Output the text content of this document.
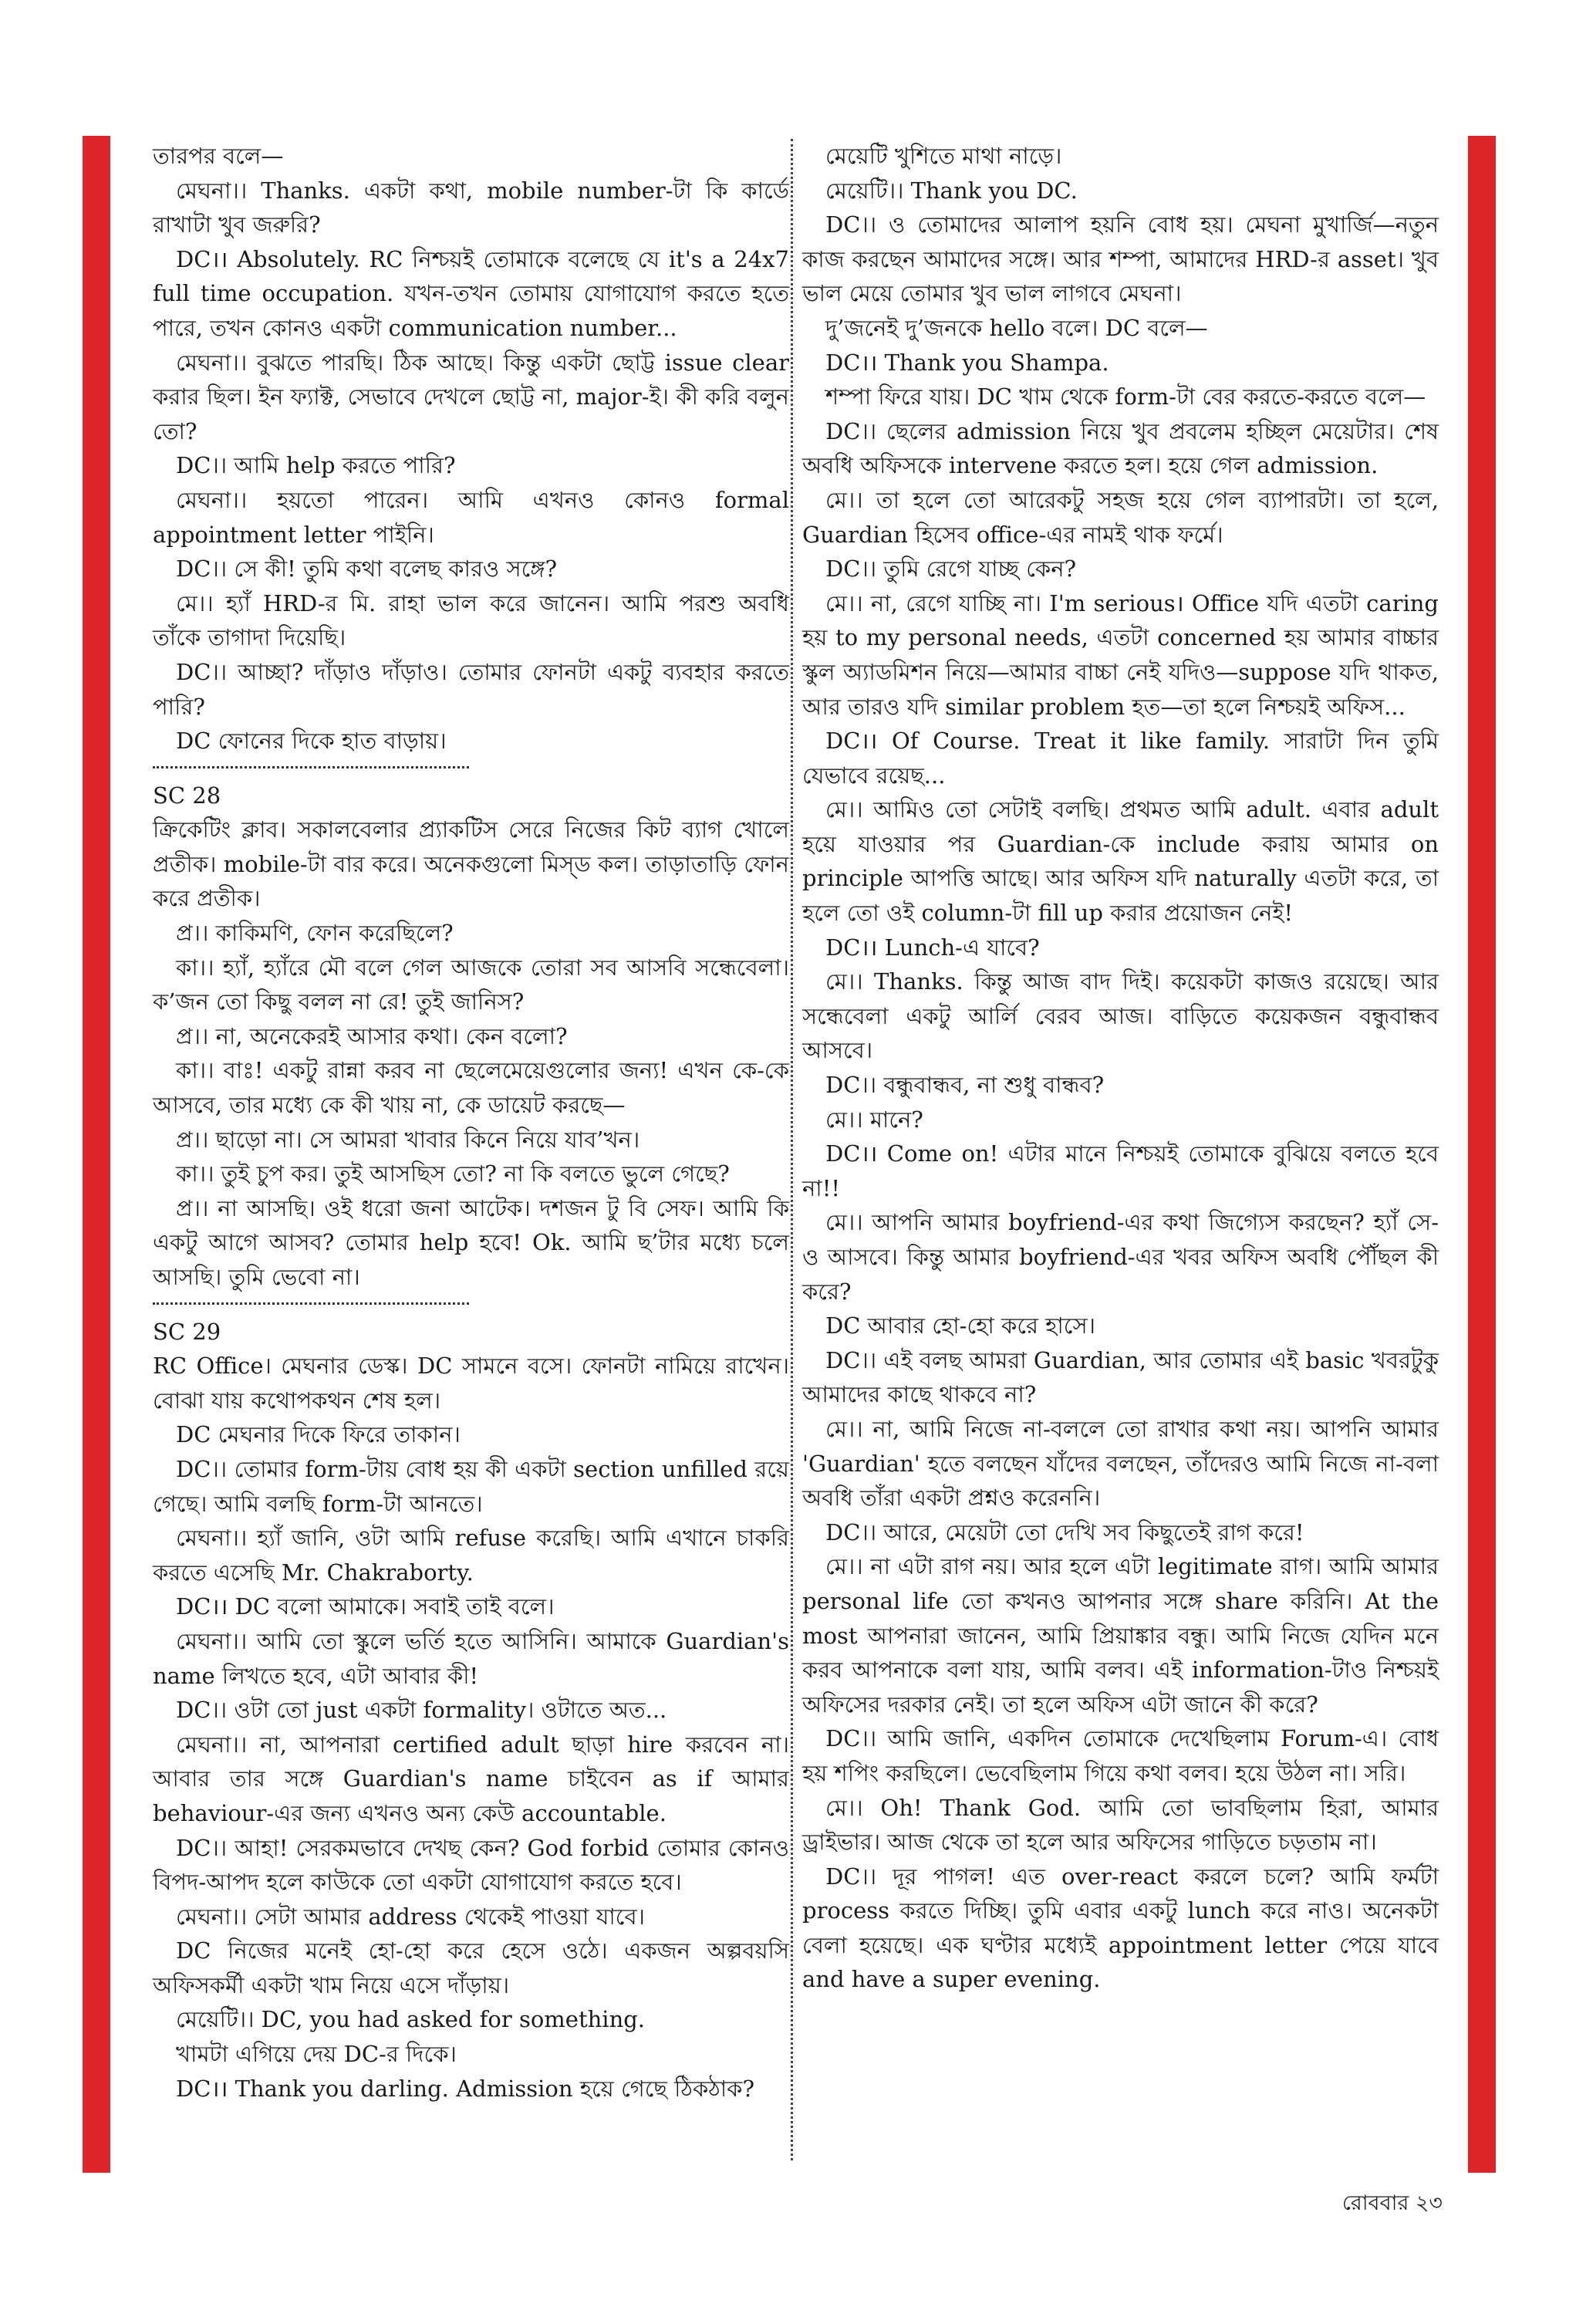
তারপর বলে—

মেঘনা।। Thanks. একটা কথা, mobile number-টা কি কার্ডে রাখাটা খুব জরুরি?

DC।। Absolutely. RC নিশ্চয়ই তোমাকে বলেছে যে it's a 24x7 full time occupation. যখন-তখন তোমায় যোগাযোগ করতে হতে পারে, তখন কোনও একটা communication number...

মেঘনা।। বুঝতে পারছি। ঠিক আছে। কিন্তু একটা ছোট্ট issue clear করার ছিল। ইন ফ্যাক্ট, সেভাবে দেখলে ছোট্ট না, major-ই। কী করি বলুন তো?

DC।। আমি help করতে পারি?

মেঘনা।। হয়তো পারেন। আমি এখনও কোনও formal appointment letter পাইনি।

DC।। সে কী! তুমি কথা বলেছ কারও সঙ্গে?

মে।। হ্যাঁ HRD-র মি. রাহা ভাল করে জানেন। আমি পরশু অবধি তাঁকে তাগাদা দিয়েছি।

DC।। আচ্ছা? দাঁড়াও দাঁড়াও। তোমার ফোনটা একটু ব্যবহার করতে পারি?

DC ফোনের দিকে হাত বাড়ায়।

SC 28

ক্রিকেটিং ক্লাব। সকালবেলার প্র্যাকটিস সেরে নিজের কিট ব্যাগ খোলে প্রতীক। mobile-টা বার করে। অনেকগুলো মিস্‌ড কল। তাড়াতাড়ি ফোন করে প্রতীক।

প্র।। কাকিমণি, ফোন করেছিলে?

কা।। হ্যাঁ, হ্যাঁরে মৌ বলে গেল আজকে তোরা সব আসবি সন্ধেবেলা। ক’জন তো কিছু বলল না রে! তুই জানিস?

প্র।। না, অনেকেরই আসার কথা। কেন বলো?

কা।। বাঃ! একটু রান্না করব না ছেলেমেয়েগুলোর জন্য! এখন কে-কে আসবে, তার মধ্যে কে কী খায় না, কে ডায়েট করছে—

প্র।। ছাড়ো না। সে আমরা খাবার কিনে নিয়ে যাব’খন।

কা।। তুই চুপ কর। তুই আসছিস তো? না কি বলতে ভুলে গেছে?

প্র।। না আসছি। ওই ধরো জনা আটেক। দশজন টু বি সেফ। আমি কি একটু আগে আসব? তোমার help হবে! Ok. আমি ছ’টার মধ্যে চলে আসছি। তুমি ভেবো না।

SC 29

RC Office। মেঘনার ডেস্ক। DC সামনে বসে। ফোনটা নামিয়ে রাখেন। বোঝা যায় কথোপকথন শেষ হল।

DC মেঘনার দিকে ফিরে তাকান।

DC।। তোমার form-টায় বোধ হয় কী একটা section unfilled রয়ে গেছে। আমি বলছি form-টা আনতে।

মেঘনা।। হ্যাঁ জানি, ওটা আমি refuse করেছি। আমি এখানে চাকরি করতে এসেছি Mr. Chakraborty.

DC।। DC বলো আমাকে। সবাই তাই বলে।

মেঘনা।। আমি তো স্কুলে ভর্তি হতে আসিনি। আমাকে Guardian's name লিখতে হবে, এটা আবার কী!

DC।। ওটা তো just একটা formality। ওটাতে অত...

মেঘনা।। না, আপনারা certified adult ছাড়া hire করবেন না। আবার তার সঙ্গে Guardian's name চাইবেন as if আমার behaviour-এর জন্য এখনও অন্য কেউ accountable.

DC।। আহা! সেরকমভাবে দেখছ কেন? God forbid তোমার কোনও বিপদ-আপদ হলে কাউকে তো একটা যোগাযোগ করতে হবে।

মেঘনা।। সেটা আমার address থেকেই পাওয়া যাবে।

DC নিজের মনেই হো-হো করে হেসে ওঠে। একজন অল্পবয়সি অফিসকর্মী একটা খাম নিয়ে এসে দাঁড়ায়।

মেয়েটি।। DC, you had asked for something.

খামটা এগিয়ে দেয় DC-র দিকে।

DC।। Thank you darling. Admission হয়ে গেছে ঠিকঠাক?

মেয়েটি খুশিতে মাথা নাড়ে।

মেয়েটি।। Thank you DC.

DC।। ও তোমাদের আলাপ হয়নি বোধ হয়। মেঘনা মুখার্জি—নতুন কাজ করছেন আমাদের সঙ্গে। আর শম্পা, আমাদের HRD-র asset। খুব ভাল মেয়ে তোমার খুব ভাল লাগবে মেঘনা।

দু’জনেই দু’জনকে hello বলে। DC বলে—

DC।। Thank you Shampa.

শম্পা ফিরে যায়। DC খাম থেকে form-টা বের করতে-করতে বলে—

DC।। ছেলের admission নিয়ে খুব প্রবলেম হচ্ছিল মেয়েটার। শেষ অবধি অফিসকে intervene করতে হল। হয়ে গেল admission.

মে।। তা হলে তো আরেকটু সহজ হয়ে গেল ব্যাপারটা। তা হলে, Guardian হিসেব office-এর নামই থাক ফর্মে।

DC।। তুমি রেগে যাচ্ছ কেন?

মে।। না, রেগে যাচ্ছি না। I'm serious। Office যদি এতটা caring হয় to my personal needs, এতটা concerned হয় আমার বাচ্চার স্কুল অ্যাডমিশন নিয়ে—আমার বাচ্চা নেই যদিও—suppose যদি থাকত, আর তারও যদি similar problem হত—তা হলে নিশ্চয়ই অফিস...

DC।। Of Course. Treat it like family. সারাটা দিন তুমি যেভাবে রয়েছ...

মে।। আমিও তো সেটাই বলছি। প্রথমত আমি adult. এবার adult হয়ে যাওয়ার পর Guardian-কে include করায় আমার on principle আপত্তি আছে। আর অফিস যদি naturally এতটা করে, তা হলে তো ওই column-টা fill up করার প্রয়োজন নেই!

DC।। Lunch-এ যাবে?

মে।। Thanks. কিন্তু আজ বাদ দিই। কয়েকটা কাজও রয়েছে। আর সন্ধেবেলা একটু আর্লি বেরব আজ। বাড়িতে কয়েকজন বন্ধুবান্ধব আসবে।

DC।। বন্ধুবান্ধব, না শুধু বান্ধব?

মে।। মানে?

DC।। Come on! এটার মানে নিশ্চয়ই তোমাকে বুঝিয়ে বলতে হবে না!!

মে।। আপনি আমার boyfriend-এর কথা জিগ্যেস করছেন? হ্যাঁ সে-ও আসবে। কিন্তু আমার boyfriend-এর খবর অফিস অবধি পৌঁছল কী করে?

DC আবার হো-হো করে হাসে।

DC।। এই বলছ আমরা Guardian, আর তোমার এই basic খবরটুকু আমাদের কাছে থাকবে না?

মে।। না, আমি নিজে না-বললে তো রাখার কথা নয়। আপনি আমার 'Guardian' হতে বলছেন যাঁদের বলছেন, তাঁদেরও আমি নিজে না-বলা অবধি তাঁরা একটা প্রশ্নও করেননি।

DC।। আরে, মেয়েটা তো দেখি সব কিছুতেই রাগ করে!

মে।। না এটা রাগ নয়। আর হলে এটা legitimate রাগ। আমি আমার personal life তো কখনও আপনার সঙ্গে share করিনি। At the most আপনারা জানেন, আমি প্রিয়াঙ্কার বন্ধু। আমি নিজে যেদিন মনে করব আপনাকে বলা যায়, আমি বলব। এই information-টাও নিশ্চয়ই অফিসের দরকার নেই। তা হলে অফিস এটা জানে কী করে?

DC।। আমি জানি, একদিন তোমাকে দেখেছিলাম Forum-এ। বোধ হয় শপিং করছিলে। ভেবেছিলাম গিয়ে কথা বলব। হয়ে উঠল না। সরি।

মে।। Oh! Thank God. আমি তো ভাবছিলাম হিরা, আমার ড্রাইভার। আজ থেকে তা হলে আর অফিসের গাড়িতে চড়তাম না।

DC।। দূর পাগল! এত over-react করলে চলে? আমি ফর্মটা process করতে দিচ্ছি। তুমি এবার একটু lunch করে নাও। অনেকটা বেলা হয়েছে। এক ঘণ্টার মধ্যেই appointment letter পেয়ে যাবে and have a super evening.

রোববার ২৩
